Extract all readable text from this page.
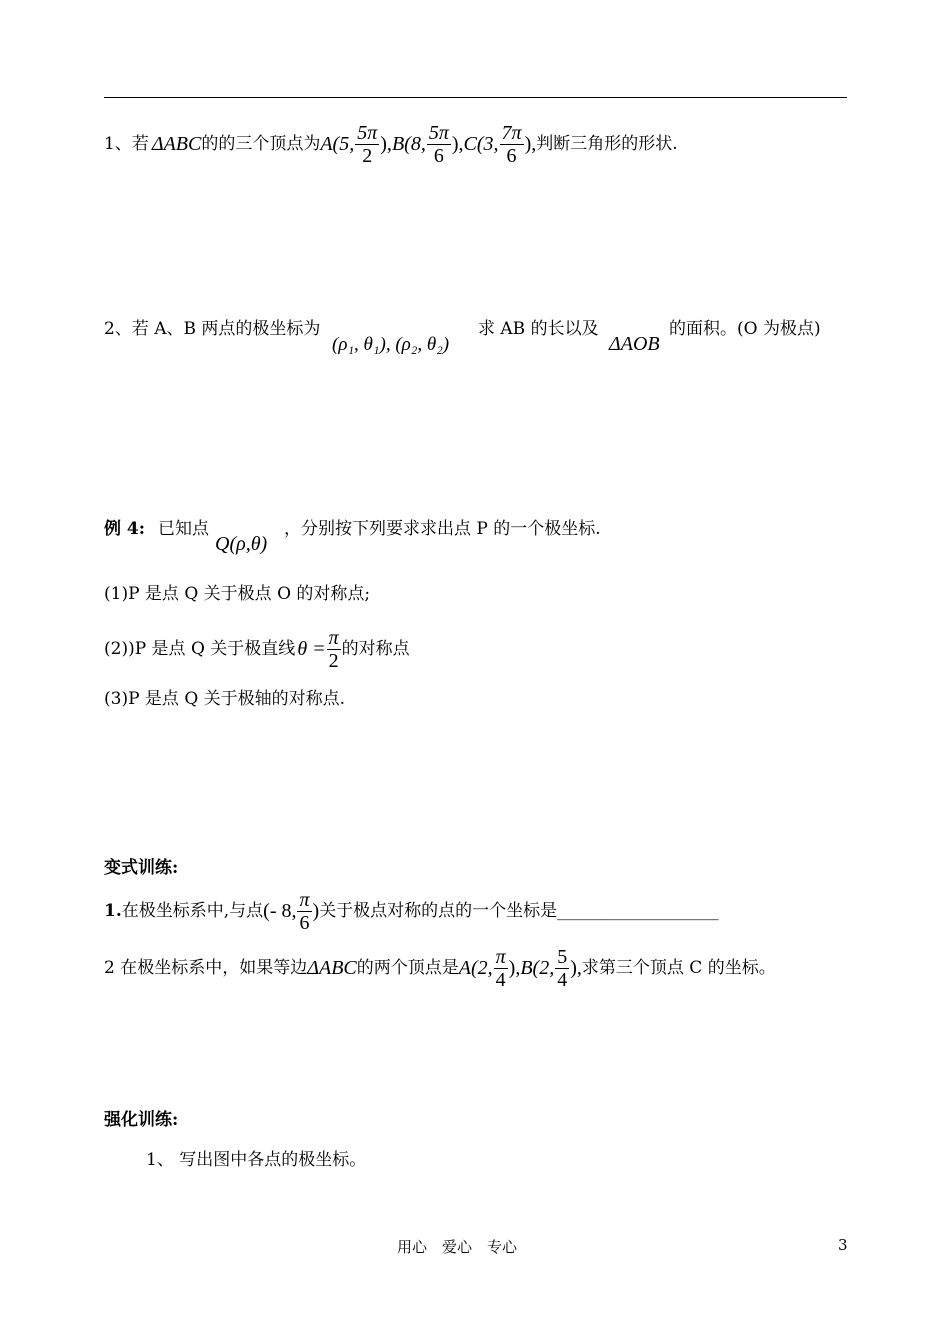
1、若 ΔABC 的的三个顶点为 A(5, $\frac{5\pi}{2}$ ), B(8, $\frac{5\pi}{6}$ ), C(3, $\frac{7\pi}{6}$ ), 判断三角形的形状.
2、若 A、B 两点的极坐标为
(ρ₁, θ₁), (ρ₂, θ₂)
求 AB 的长以及
ΔAOB
的面积。(O 为极点)
例 4: 已知点
Q(ρ,θ)
，分别按下列要求求出点 P 的一个极坐标.
(1)P 是点 Q 关于极点 O 的对称点;
(2))P 是点 Q 关于极直线 $\theta = \frac{\pi}{2}$ 的对称点
(3)P 是点 Q 关于极轴的对称点.
变式训练:
1. 在极坐标系中,与点 (- 8, $\frac{\pi}{6}$ ) 关于极点对称的点的一个坐标是___________________
2 在极坐标系中，如果等边 ΔABC 的两个顶点是 A(2, $\frac{\pi}{4}$ ), B(2, $\frac{5}{4}$ ), 求第三个顶点 C 的坐标。
强化训练:
1、 写出图中各点的极坐标。
用心　爱心　专心	3
